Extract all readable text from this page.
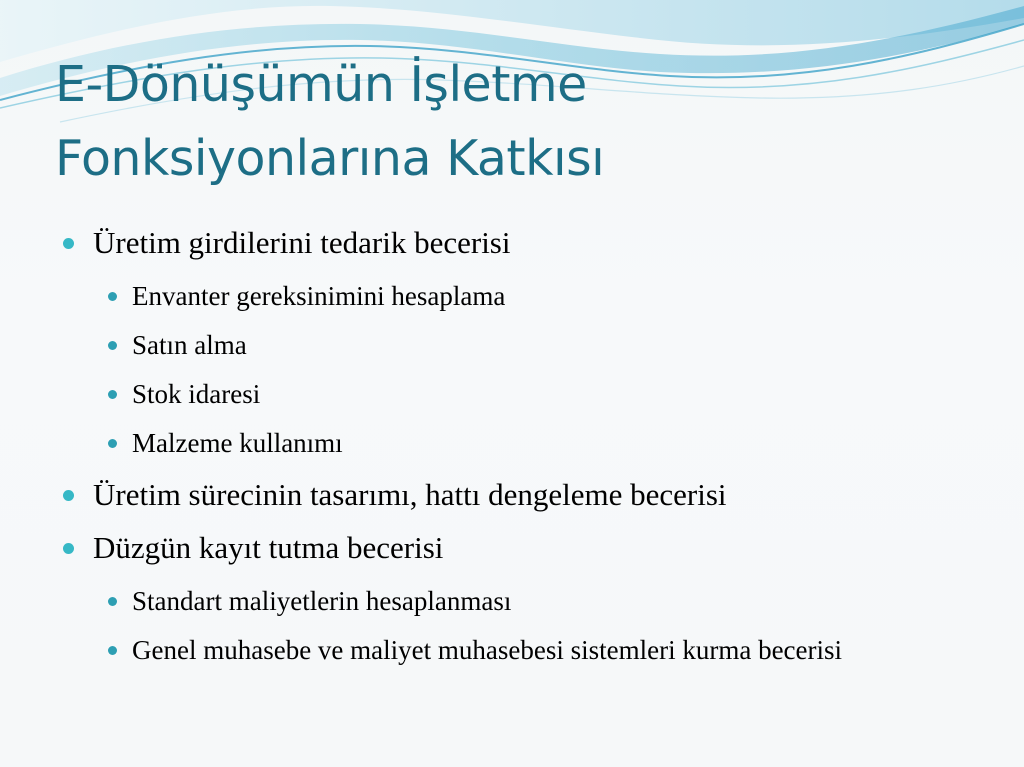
E-Dönüşümün İşletme
Fonksiyonlarına Katkısı
Üretim girdilerini tedarik becerisi
Envanter gereksinimini hesaplama
Satın alma
Stok idaresi
Malzeme kullanımı
Üretim sürecinin tasarımı, hattı dengeleme becerisi
Düzgün kayıt tutma becerisi
Standart maliyetlerin hesaplanması
Genel muhasebe ve maliyet muhasebesi sistemleri kurma becerisi
